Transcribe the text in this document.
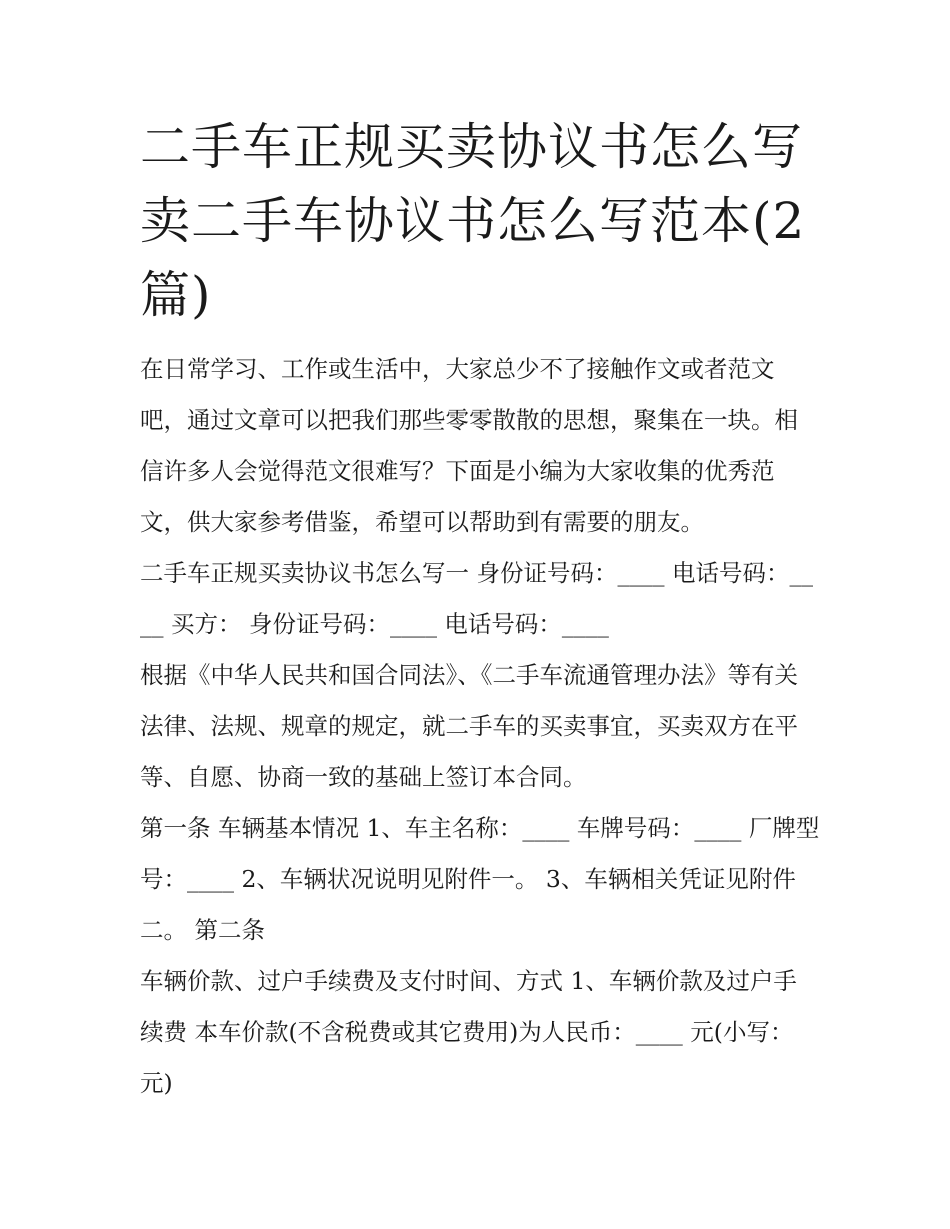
二手车正规买卖协议书怎么写 卖二手车协议书怎么写范本(2篇)

在日常学习、工作或生活中，大家总少不了接触作文或者范文吧，通过文章可以把我们那些零零散散的思想，聚集在一块。相信许多人会觉得范文很难写？下面是小编为大家收集的优秀范文，供大家参考借鉴，希望可以帮助到有需要的朋友。

二手车正规买卖协议书怎么写一 身份证号码：____ 电话号码：____ 买方： 身份证号码：____ 电话号码：____

根据《中华人民共和国合同法》、《二手车流通管理办法》等有关法律、法规、规章的规定，就二手车的买卖事宜，买卖双方在平等、自愿、协商一致的基础上签订本合同。

第一条 车辆基本情况 1、车主名称：____ 车牌号码：____ 厂牌型号：____ 2、车辆状况说明见附件一。 3、车辆相关凭证见附件二。 第二条

车辆价款、过户手续费及支付时间、方式 1、车辆价款及过户手续费 本车价款(不含税费或其它费用)为人民币：____ 元(小写： 元)
